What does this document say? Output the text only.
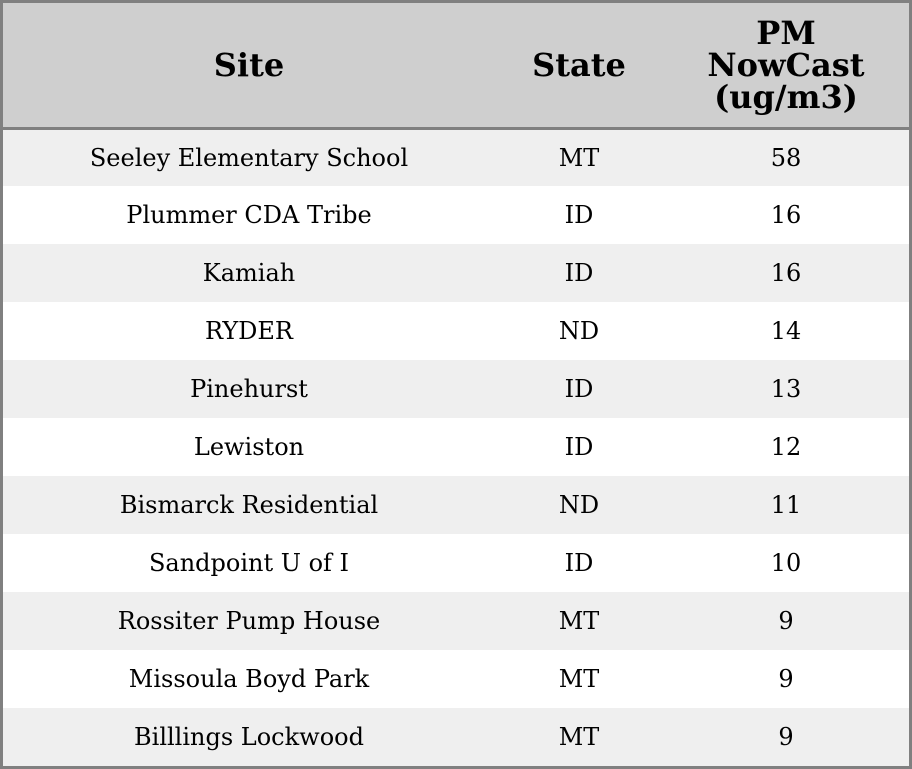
Site	State	PM
NowCast
(ug/m3)

Seeley Elementary School	MT	58
Plummer CDA Tribe	ID	16
Kamiah	ID	16
RYDER	ND	14
Pinehurst	ID	13
Lewiston	ID	12
Bismarck Residential	ND	11
Sandpoint U of I	ID	10
Rossiter Pump House	MT	9
Missoula Boyd Park	MT	9
Billlings Lockwood	MT	9
